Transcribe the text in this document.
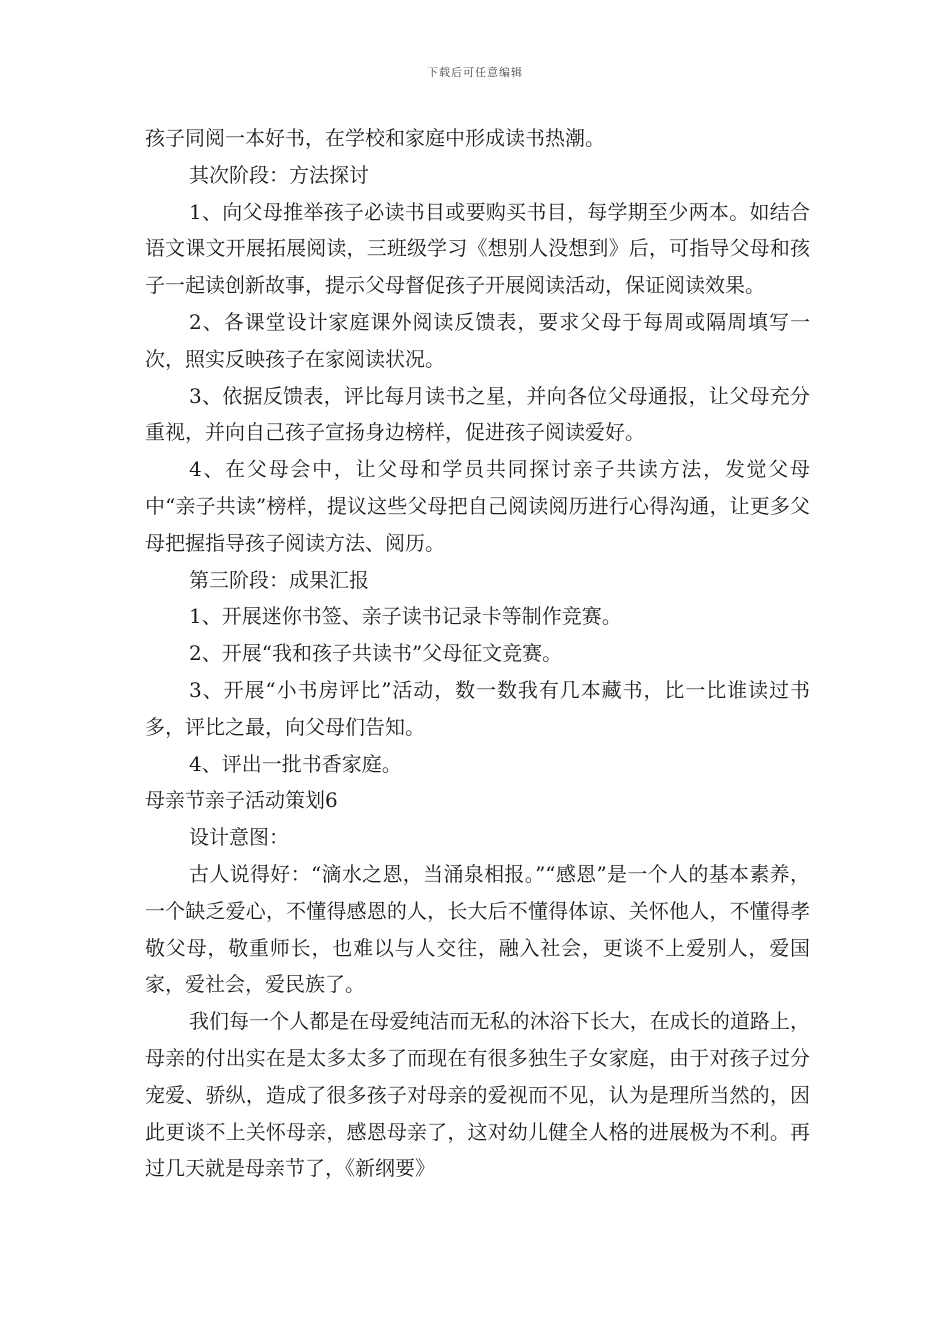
下载后可任意编辑

孩子同阅一本好书，在学校和家庭中形成读书热潮。

其次阶段：方法探讨

1、向父母推举孩子必读书目或要购买书目，每学期至少两本。如结合语文课文开展拓展阅读，三班级学习《想别人没想到》后，可指导父母和孩子一起读创新故事，提示父母督促孩子开展阅读活动，保证阅读效果。

2、各课堂设计家庭课外阅读反馈表，要求父母于每周或隔周填写一次，照实反映孩子在家阅读状况。

3、依据反馈表，评比每月读书之星，并向各位父母通报，让父母充分重视，并向自己孩子宣扬身边榜样，促进孩子阅读爱好。

4、在父母会中，让父母和学员共同探讨亲子共读方法，发觉父母中“亲子共读”榜样，提议这些父母把自己阅读阅历进行心得沟通，让更多父母把握指导孩子阅读方法、阅历。

第三阶段：成果汇报

1、开展迷你书签、亲子读书记录卡等制作竞赛。

2、开展“我和孩子共读书”父母征文竞赛。

3、开展“小书房评比”活动，数一数我有几本藏书，比一比谁读过书多，评比之最，向父母们告知。

4、评出一批书香家庭。

母亲节亲子活动策划6

设计意图：

古人说得好：“滴水之恩，当涌泉相报。”“感恩”是一个人的基本素养，一个缺乏爱心，不懂得感恩的人，长大后不懂得体谅、关怀他人，不懂得孝敬父母，敬重师长，也难以与人交往，融入社会，更谈不上爱别人，爱国家，爱社会，爱民族了。

我们每一个人都是在母爱纯洁而无私的沐浴下长大，在成长的道路上，母亲的付出实在是太多太多了而现在有很多独生子女家庭，由于对孩子过分宠爱、骄纵，造成了很多孩子对母亲的爱视而不见，认为是理所当然的，因此更谈不上关怀母亲，感恩母亲了，这对幼儿健全人格的进展极为不利。再过几天就是母亲节了，《新纲要》
